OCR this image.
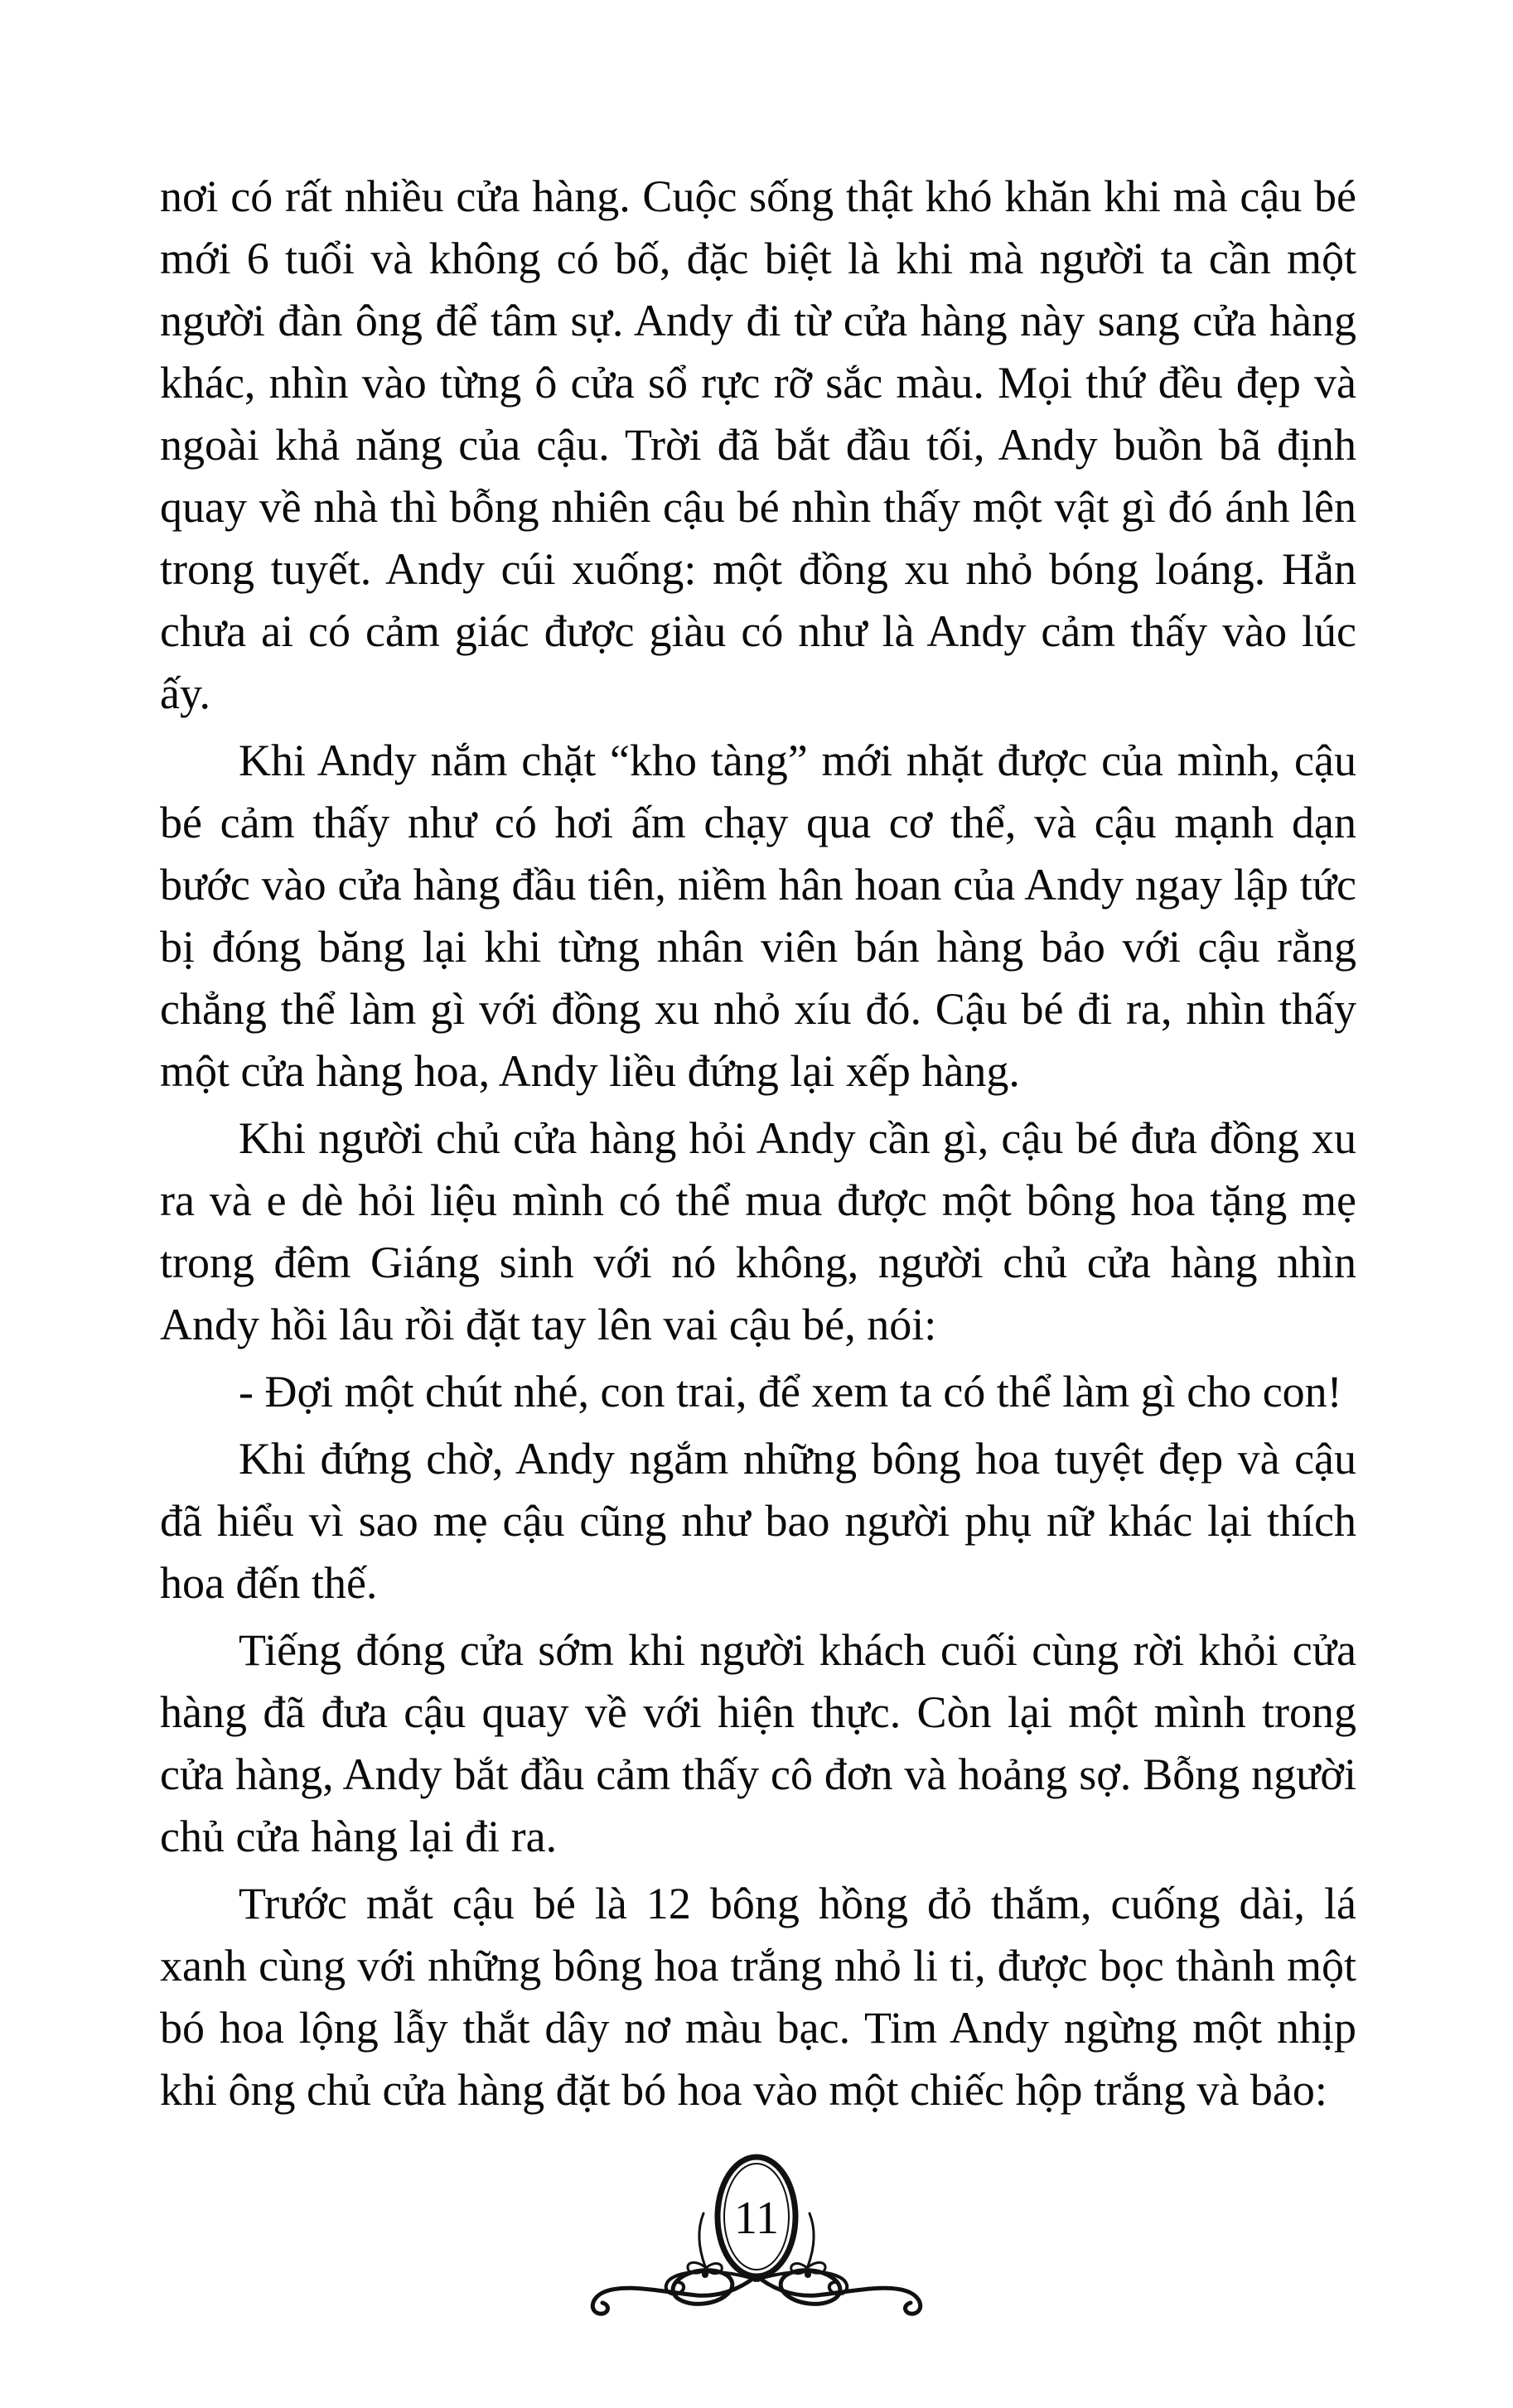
nơi có rất nhiều cửa hàng. Cuộc sống thật khó khăn khi mà cậu bé mới 6 tuổi và không có bố, đặc biệt là khi mà người ta cần một người đàn ông để tâm sự. Andy đi từ cửa hàng này sang cửa hàng khác, nhìn vào từng ô cửa sổ rực rỡ sắc màu. Mọi thứ đều đẹp và ngoài khả năng của cậu. Trời đã bắt đầu tối, Andy buồn bã định quay về nhà thì bỗng nhiên cậu bé nhìn thấy một vật gì đó ánh lên trong tuyết. Andy cúi xuống: một đồng xu nhỏ bóng loáng. Hẳn chưa ai có cảm giác được giàu có như là Andy cảm thấy vào lúc ấy.

Khi Andy nắm chặt “kho tàng” mới nhặt được của mình, cậu bé cảm thấy như có hơi ấm chạy qua cơ thể, và cậu mạnh dạn bước vào cửa hàng đầu tiên, niềm hân hoan của Andy ngay lập tức bị đóng băng lại khi từng nhân viên bán hàng bảo với cậu rằng chẳng thể làm gì với đồng xu nhỏ xíu đó. Cậu bé đi ra, nhìn thấy một cửa hàng hoa, Andy liều đứng lại xếp hàng.

Khi người chủ cửa hàng hỏi Andy cần gì, cậu bé đưa đồng xu ra và e dè hỏi liệu mình có thể mua được một bông hoa tặng mẹ trong đêm Giáng sinh với nó không, người chủ cửa hàng nhìn Andy hồi lâu rồi đặt tay lên vai cậu bé, nói:

- Đợi một chút nhé, con trai, để xem ta có thể làm gì cho con!

Khi đứng chờ, Andy ngắm những bông hoa tuyệt đẹp và cậu đã hiểu vì sao mẹ cậu cũng như bao người phụ nữ khác lại thích hoa đến thế.

Tiếng đóng cửa sớm khi người khách cuối cùng rời khỏi cửa hàng đã đưa cậu quay về với hiện thực. Còn lại một mình trong cửa hàng, Andy bắt đầu cảm thấy cô đơn và hoảng sợ. Bỗng người chủ cửa hàng lại đi ra.

Trước mắt cậu bé là 12 bông hồng đỏ thắm, cuống dài, lá xanh cùng với những bông hoa trắng nhỏ li ti, được bọc thành một bó hoa lộng lẫy thắt dây nơ màu bạc. Tim Andy ngừng một nhịp khi ông chủ cửa hàng đặt bó hoa vào một chiếc hộp trắng và bảo:

11
